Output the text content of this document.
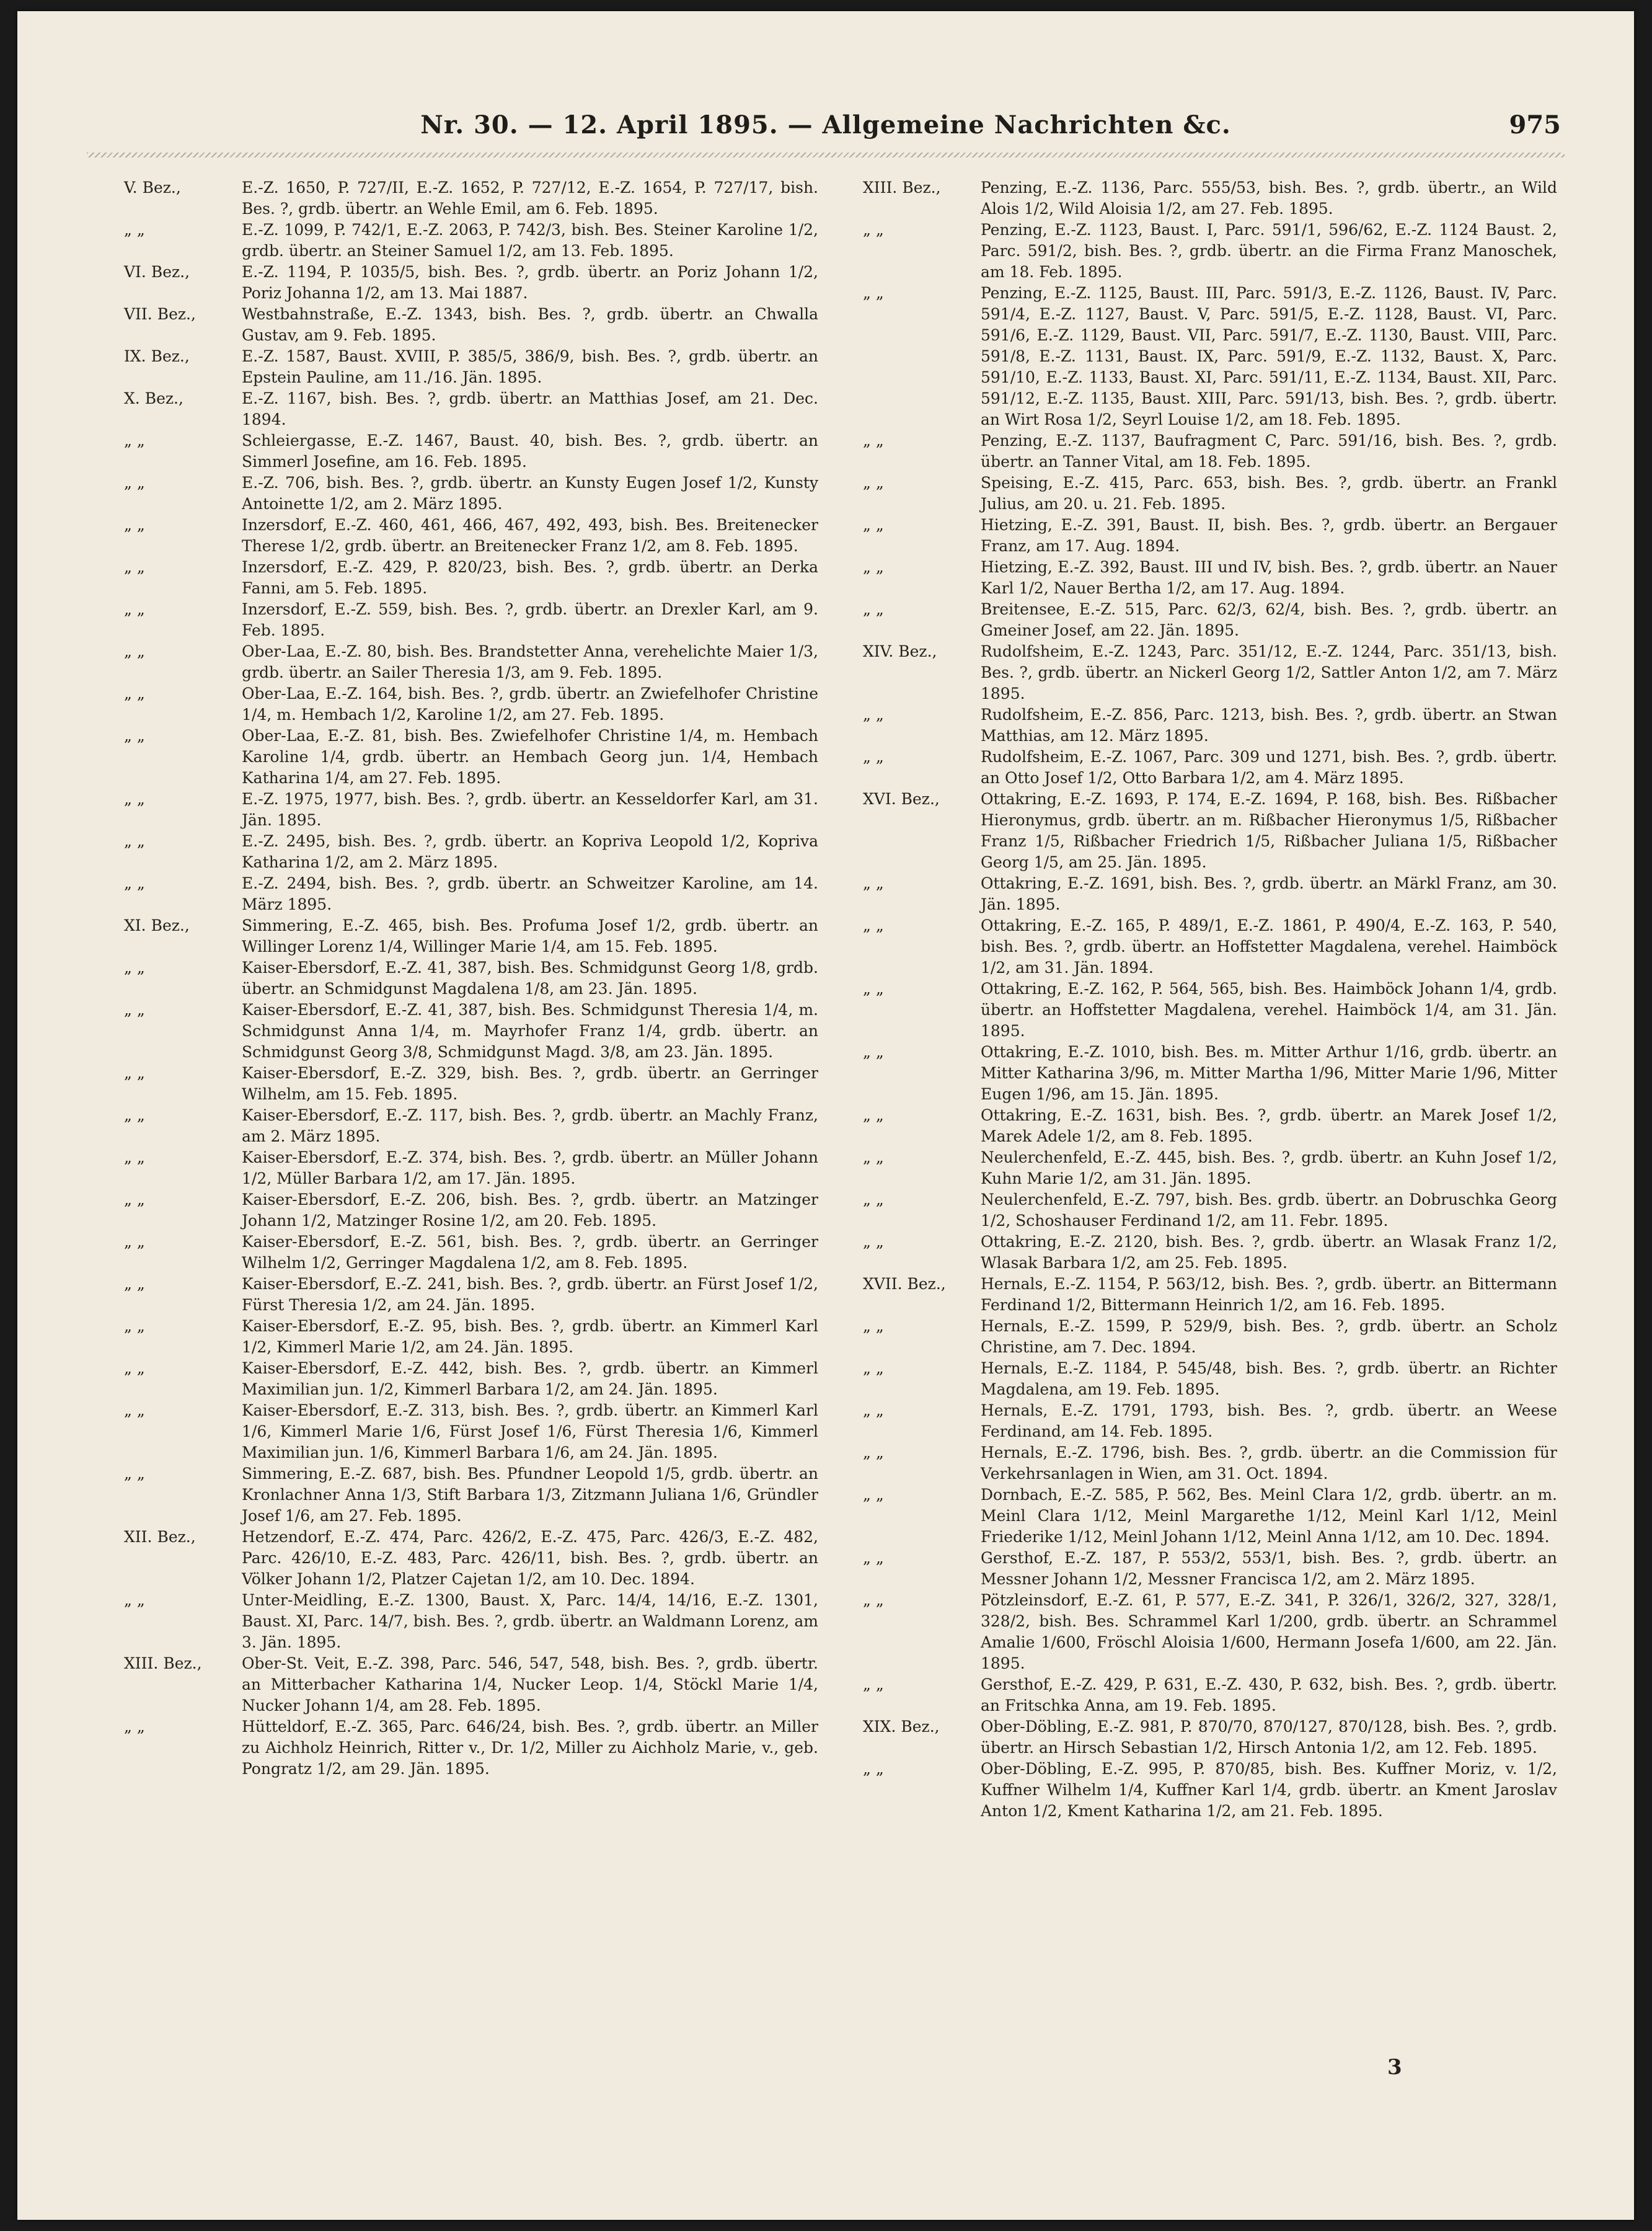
Nr. 30. — 12. April 1895. — Allgemeine Nachrichten &c.	975
V. Bez.,	E.-Z. 1650, P. 727/II, E.-Z. 1652, P. 727/12, E.-Z. 1654, P. 727/17, bish. Bes. ?, grdb. übertr. an Wehle Emil, am 6. Feb. 1895.
„ „	E.-Z. 1099, P. 742/1, E.-Z. 2063, P. 742/3, bish. Bes. Steiner Karoline 1/2, grdb. übertr. an Steiner Samuel 1/2, am 13. Feb. 1895.
VI. Bez.,	E.-Z. 1194, P. 1035/5, bish. Bes. ?, grdb. übertr. an Poriz Johann 1/2, Poriz Johanna 1/2, am 13. Mai 1887.
VII. Bez.,	Westbahnstraße, E.-Z. 1343, bish. Bes. ?, grdb. übertr. an Chwalla Gustav, am 9. Feb. 1895.
IX. Bez.,	E.-Z. 1587, Baust. XVIII, P. 385/5, 386/9, bish. Bes. ?, grdb. übertr. an Epstein Pauline, am 11./16. Jän. 1895.
X. Bez.,	E.-Z. 1167, bish. Bes. ?, grdb. übertr. an Matthias Josef, am 21. Dec. 1894.
„ „	Schleiergasse, E.-Z. 1467, Baust. 40, bish. Bes. ?, grdb. übertr. an Simmerl Josefine, am 16. Feb. 1895.
„ „	E.-Z. 706, bish. Bes. ?, grdb. übertr. an Kunsty Eugen Josef 1/2, Kunsty Antoinette 1/2, am 2. März 1895.
„ „	Inzersdorf, E.-Z. 460, 461, 466, 467, 492, 493, bish. Bes. Breitenecker Therese 1/2, grdb. übertr. an Breitenecker Franz 1/2, am 8. Feb. 1895.
„ „	Inzersdorf, E.-Z. 429, P. 820/23, bish. Bes. ?, grdb. übertr. an Derka Fanni, am 5. Feb. 1895.
„ „	Inzersdorf, E.-Z. 559, bish. Bes. ?, grdb. übertr. an Drexler Karl, am 9. Feb. 1895.
„ „	Ober-Laa, E.-Z. 80, bish. Bes. Brandstetter Anna, verehelichte Maier 1/3, grdb. übertr. an Sailer Theresia 1/3, am 9. Feb. 1895.
„ „	Ober-Laa, E.-Z. 164, bish. Bes. ?, grdb. übertr. an Zwiefelhofer Christine 1/4, m. Hembach 1/2, Karoline 1/2, am 27. Feb. 1895.
„ „	Ober-Laa, E.-Z. 81, bish. Bes. Zwiefelhofer Christine 1/4, m. Hembach Karoline 1/4, grdb. übertr. an Hembach Georg jun. 1/4, Hembach Katharina 1/4, am 27. Feb. 1895.
„ „	E.-Z. 1975, 1977, bish. Bes. ?, grdb. übertr. an Kesseldorfer Karl, am 31. Jän. 1895.
„ „	E.-Z. 2495, bish. Bes. ?, grdb. übertr. an Kopriva Leopold 1/2, Kopriva Katharina 1/2, am 2. März 1895.
„ „	E.-Z. 2494, bish. Bes. ?, grdb. übertr. an Schweitzer Karoline, am 14. März 1895.
XI. Bez.,	Simmering, E.-Z. 465, bish. Bes. Profuma Josef 1/2, grdb. übertr. an Willinger Lorenz 1/4, Willinger Marie 1/4, am 15. Feb. 1895.
„ „	Kaiser-Ebersdorf, E.-Z. 41, 387, bish. Bes. Schmidgunst Georg 1/8, grdb. übertr. an Schmidgunst Magdalena 1/8, am 23. Jän. 1895.
„ „	Kaiser-Ebersdorf, E.-Z. 41, 387, bish. Bes. Schmidgunst Theresia 1/4, m. Schmidgunst Anna 1/4, m. Mayrhofer Franz 1/4, grdb. übertr. an Schmidgunst Georg 3/8, Schmidgunst Magd. 3/8, am 23. Jän. 1895.
„ „	Kaiser-Ebersdorf, E.-Z. 329, bish. Bes. ?, grdb. übertr. an Gerringer Wilhelm, am 15. Feb. 1895.
„ „	Kaiser-Ebersdorf, E.-Z. 117, bish. Bes. ?, grdb. übertr. an Machly Franz, am 2. März 1895.
„ „	Kaiser-Ebersdorf, E.-Z. 374, bish. Bes. ?, grdb. übertr. an Müller Johann 1/2, Müller Barbara 1/2, am 17. Jän. 1895.
„ „	Kaiser-Ebersdorf, E.-Z. 206, bish. Bes. ?, grdb. übertr. an Matzinger Johann 1/2, Matzinger Rosine 1/2, am 20. Feb. 1895.
„ „	Kaiser-Ebersdorf, E.-Z. 561, bish. Bes. ?, grdb. übertr. an Gerringer Wilhelm 1/2, Gerringer Magdalena 1/2, am 8. Feb. 1895.
„ „	Kaiser-Ebersdorf, E.-Z. 241, bish. Bes. ?, grdb. übertr. an Fürst Josef 1/2, Fürst Theresia 1/2, am 24. Jän. 1895.
„ „	Kaiser-Ebersdorf, E.-Z. 95, bish. Bes. ?, grdb. übertr. an Kimmerl Karl 1/2, Kimmerl Marie 1/2, am 24. Jän. 1895.
„ „	Kaiser-Ebersdorf, E.-Z. 442, bish. Bes. ?, grdb. übertr. an Kimmerl Maximilian jun. 1/2, Kimmerl Barbara 1/2, am 24. Jän. 1895.
„ „	Kaiser-Ebersdorf, E.-Z. 313, bish. Bes. ?, grdb. übertr. an Kimmerl Karl 1/6, Kimmerl Marie 1/6, Fürst Josef 1/6, Fürst Theresia 1/6, Kimmerl Maximilian jun. 1/6, Kimmerl Barbara 1/6, am 24. Jän. 1895.
„ „	Simmering, E.-Z. 687, bish. Bes. Pfundner Leopold 1/5, grdb. übertr. an Kronlachner Anna 1/3, Stift Barbara 1/3, Zitzmann Juliana 1/6, Gründler Josef 1/6, am 27. Feb. 1895.
XII. Bez.,	Hetzendorf, E.-Z. 474, Parc. 426/2, E.-Z. 475, Parc. 426/3, E.-Z. 482, Parc. 426/10, E.-Z. 483, Parc. 426/11, bish. Bes. ?, grdb. übertr. an Völker Johann 1/2, Platzer Cajetan 1/2, am 10. Dec. 1894.
„ „	Unter-Meidling, E.-Z. 1300, Baust. X, Parc. 14/4, 14/16, E.-Z. 1301, Baust. XI, Parc. 14/7, bish. Bes. ?, grdb. übertr. an Waldmann Lorenz, am 3. Jän. 1895.
XIII. Bez.,	Ober-St. Veit, E.-Z. 398, Parc. 546, 547, 548, bish. Bes. ?, grdb. übertr. an Mitterbacher Katharina 1/4, Nucker Leop. 1/4, Stöckl Marie 1/4, Nucker Johann 1/4, am 28. Feb. 1895.
„ „	Hütteldorf, E.-Z. 365, Parc. 646/24, bish. Bes. ?, grdb. übertr. an Miller zu Aichholz Heinrich, Ritter v., Dr. 1/2, Miller zu Aichholz Marie, v., geb. Pongratz 1/2, am 29. Jän. 1895.
XIII. Bez.,	Penzing, E.-Z. 1136, Parc. 555/53, bish. Bes. ?, grdb. übertr., an Wild Alois 1/2, Wild Aloisia 1/2, am 27. Feb. 1895.
„ „	Penzing, E.-Z. 1123, Baust. I, Parc. 591/1, 596/62, E.-Z. 1124 Baust. 2, Parc. 591/2, bish. Bes. ?, grdb. übertr. an die Firma Franz Manoschek, am 18. Feb. 1895.
„ „	Penzing, E.-Z. 1125, Baust. III, Parc. 591/3, E.-Z. 1126, Baust. IV, Parc. 591/4, E.-Z. 1127, Baust. V, Parc. 591/5, E.-Z. 1128, Baust. VI, Parc. 591/6, E.-Z. 1129, Baust. VII, Parc. 591/7, E.-Z. 1130, Baust. VIII, Parc. 591/8, E.-Z. 1131, Baust. IX, Parc. 591/9, E.-Z. 1132, Baust. X, Parc. 591/10, E.-Z. 1133, Baust. XI, Parc. 591/11, E.-Z. 1134, Baust. XII, Parc. 591/12, E.-Z. 1135, Baust. XIII, Parc. 591/13, bish. Bes. ?, grdb. übertr. an Wirt Rosa 1/2, Seyrl Louise 1/2, am 18. Feb. 1895.
„ „	Penzing, E.-Z. 1137, Baufragment C, Parc. 591/16, bish. Bes. ?, grdb. übertr. an Tanner Vital, am 18. Feb. 1895.
„ „	Speising, E.-Z. 415, Parc. 653, bish. Bes. ?, grdb. übertr. an Frankl Julius, am 20. u. 21. Feb. 1895.
„ „	Hietzing, E.-Z. 391, Baust. II, bish. Bes. ?, grdb. übertr. an Bergauer Franz, am 17. Aug. 1894.
„ „	Hietzing, E.-Z. 392, Baust. III und IV, bish. Bes. ?, grdb. übertr. an Nauer Karl 1/2, Nauer Bertha 1/2, am 17. Aug. 1894.
„ „	Breitensee, E.-Z. 515, Parc. 62/3, 62/4, bish. Bes. ?, grdb. übertr. an Gmeiner Josef, am 22. Jän. 1895.
XIV. Bez.,	Rudolfsheim, E.-Z. 1243, Parc. 351/12, E.-Z. 1244, Parc. 351/13, bish. Bes. ?, grdb. übertr. an Nickerl Georg 1/2, Sattler Anton 1/2, am 7. März 1895.
„ „	Rudolfsheim, E.-Z. 856, Parc. 1213, bish. Bes. ?, grdb. übertr. an Stwan Matthias, am 12. März 1895.
„ „	Rudolfsheim, E.-Z. 1067, Parc. 309 und 1271, bish. Bes. ?, grdb. übertr. an Otto Josef 1/2, Otto Barbara 1/2, am 4. März 1895.
XVI. Bez.,	Ottakring, E.-Z. 1693, P. 174, E.-Z. 1694, P. 168, bish. Bes. Rißbacher Hieronymus, grdb. übertr. an m. Rißbacher Hieronymus 1/5, Rißbacher Franz 1/5, Rißbacher Friedrich 1/5, Rißbacher Juliana 1/5, Rißbacher Georg 1/5, am 25. Jän. 1895.
„ „	Ottakring, E.-Z. 1691, bish. Bes. ?, grdb. übertr. an Märkl Franz, am 30. Jän. 1895.
„ „	Ottakring, E.-Z. 165, P. 489/1, E.-Z. 1861, P. 490/4, E.-Z. 163, P. 540, bish. Bes. ?, grdb. übertr. an Hoffstetter Magdalena, verehel. Haimböck 1/2, am 31. Jän. 1894.
„ „	Ottakring, E.-Z. 162, P. 564, 565, bish. Bes. Haimböck Johann 1/4, grdb. übertr. an Hoffstetter Magdalena, verehel. Haimböck 1/4, am 31. Jän. 1895.
„ „	Ottakring, E.-Z. 1010, bish. Bes. m. Mitter Arthur 1/16, grdb. übertr. an Mitter Katharina 3/96, m. Mitter Martha 1/96, Mitter Marie 1/96, Mitter Eugen 1/96, am 15. Jän. 1895.
„ „	Ottakring, E.-Z. 1631, bish. Bes. ?, grdb. übertr. an Marek Josef 1/2, Marek Adele 1/2, am 8. Feb. 1895.
„ „	Neulerchenfeld, E.-Z. 445, bish. Bes. ?, grdb. übertr. an Kuhn Josef 1/2, Kuhn Marie 1/2, am 31. Jän. 1895.
„ „	Neulerchenfeld, E.-Z. 797, bish. Bes. grdb. übertr. an Dobruschka Georg 1/2, Schoshauser Ferdinand 1/2, am 11. Febr. 1895.
„ „	Ottakring, E.-Z. 2120, bish. Bes. ?, grdb. übertr. an Wlasak Franz 1/2, Wlasak Barbara 1/2, am 25. Feb. 1895.
XVII. Bez.,	Hernals, E.-Z. 1154, P. 563/12, bish. Bes. ?, grdb. übertr. an Bittermann Ferdinand 1/2, Bittermann Heinrich 1/2, am 16. Feb. 1895.
„ „	Hernals, E.-Z. 1599, P. 529/9, bish. Bes. ?, grdb. übertr. an Scholz Christine, am 7. Dec. 1894.
„ „	Hernals, E.-Z. 1184, P. 545/48, bish. Bes. ?, grdb. übertr. an Richter Magdalena, am 19. Feb. 1895.
„ „	Hernals, E.-Z. 1791, 1793, bish. Bes. ?, grdb. übertr. an Weese Ferdinand, am 14. Feb. 1895.
„ „	Hernals, E.-Z. 1796, bish. Bes. ?, grdb. übertr. an die Commission für Verkehrsanlagen in Wien, am 31. Oct. 1894.
„ „	Dornbach, E.-Z. 585, P. 562, Bes. Meinl Clara 1/2, grdb. übertr. an m. Meinl Clara 1/12, Meinl Margarethe 1/12, Meinl Karl 1/12, Meinl Friederike 1/12, Meinl Johann 1/12, Meinl Anna 1/12, am 10. Dec. 1894.
„ „	Gersthof, E.-Z. 187, P. 553/2, 553/1, bish. Bes. ?, grdb. übertr. an Messner Johann 1/2, Messner Francisca 1/2, am 2. März 1895.
„ „	Pötzleinsdorf, E.-Z. 61, P. 577, E.-Z. 341, P. 326/1, 326/2, 327, 328/1, 328/2, bish. Bes. Schrammel Karl 1/200, grdb. übertr. an Schrammel Amalie 1/600, Fröschl Aloisia 1/600, Hermann Josefa 1/600, am 22. Jän. 1895.
„ „	Gersthof, E.-Z. 429, P. 631, E.-Z. 430, P. 632, bish. Bes. ?, grdb. übertr. an Fritschka Anna, am 19. Feb. 1895.
XIX. Bez.,	Ober-Döbling, E.-Z. 981, P. 870/70, 870/127, 870/128, bish. Bes. ?, grdb. übertr. an Hirsch Sebastian 1/2, Hirsch Antonia 1/2, am 12. Feb. 1895.
„ „	Ober-Döbling, E.-Z. 995, P. 870/85, bish. Bes. Kuffner Moriz, v. 1/2, Kuffner Wilhelm 1/4, Kuffner Karl 1/4, grdb. übertr. an Kment Jaroslav Anton 1/2, Kment Katharina 1/2, am 21. Feb. 1895.
3
